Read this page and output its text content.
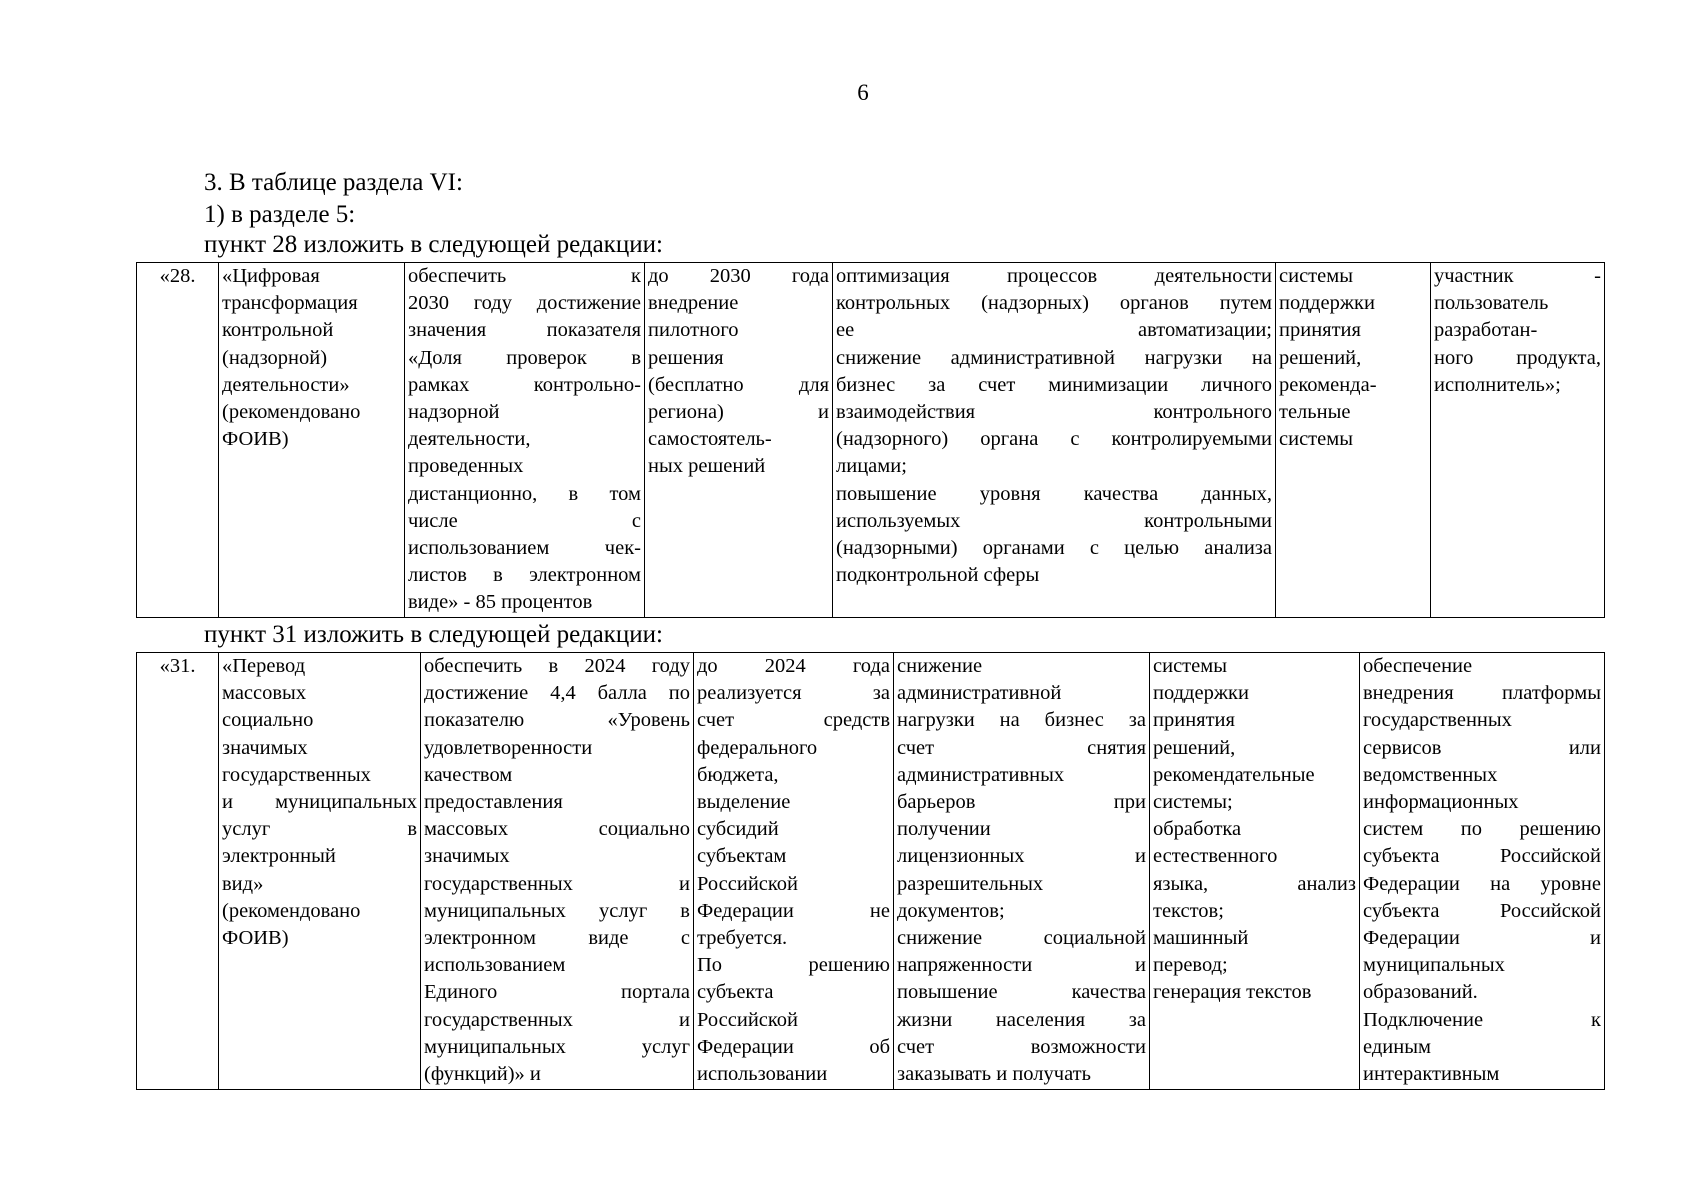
6
3. В таблице раздела VI:
1) в разделе 5:
пункт 28 изложить в следующей редакции:
«28.	«Цифровая
трансформация
контрольной
(надзорной)
деятельности»
(рекомендовано
ФОИВ)

обеспечить к
2030 году достижение
значения показателя
«Доля проверок в
рамках контрольно-
надзорной
деятельности,
проведенных
дистанционно, в том
числе с
использованием чек-
листов в электронном
виде» - 85 процентов

до 2030 года
внедрение
пилотного
решения
(бесплатно для
региона) и
самостоятель-
ных решений

оптимизация процессов деятельности
контрольных (надзорных) органов путем
ее автоматизации;
снижение административной нагрузки на
бизнес за счет минимизации личного
взаимодействия контрольного
(надзорного) органа с контролируемыми
лицами;
повышение уровня качества данных,
используемых контрольными
(надзорными) органами с целью анализа
подконтрольной сферы

системы
поддержки
принятия
решений,
рекоменда-
тельные
системы

участник -
пользователь
разработан-
ного продукта,
исполнитель»;
пункт 31 изложить в следующей редакции:
«31.	«Перевод
массовых
социально
значимых
государственных
и муниципальных
услуг в
электронный
вид»
(рекомендовано
ФОИВ)

обеспечить в 2024 году
достижение 4,4 балла по
показателю «Уровень
удовлетворенности
качеством
предоставления
массовых социально
значимых
государственных и
муниципальных услуг в
электронном виде с
использованием
Единого портала
государственных и
муниципальных услуг
(функций)» и

до 2024 года
реализуется за
счет средств
федерального
бюджета,
выделение
субсидий
субъектам
Российской
Федерации не
требуется.
По решению
субъекта
Российской
Федерации об
использовании

снижение
административной
нагрузки на бизнес за
счет снятия
административных
барьеров при
получении
лицензионных и
разрешительных
документов;
снижение социальной
напряженности и
повышение качества
жизни населения за
счет возможности
заказывать и получать

системы
поддержки
принятия
решений,
рекомендательные
системы;
обработка
естественного
языка, анализ
текстов;
машинный
перевод;
генерация текстов

обеспечение
внедрения платформы
государственных
сервисов или
ведомственных
информационных
систем по решению
субъекта Российской
Федерации на уровне
субъекта Российской
Федерации и
муниципальных
образований.
Подключение к
единым
интерактивным
